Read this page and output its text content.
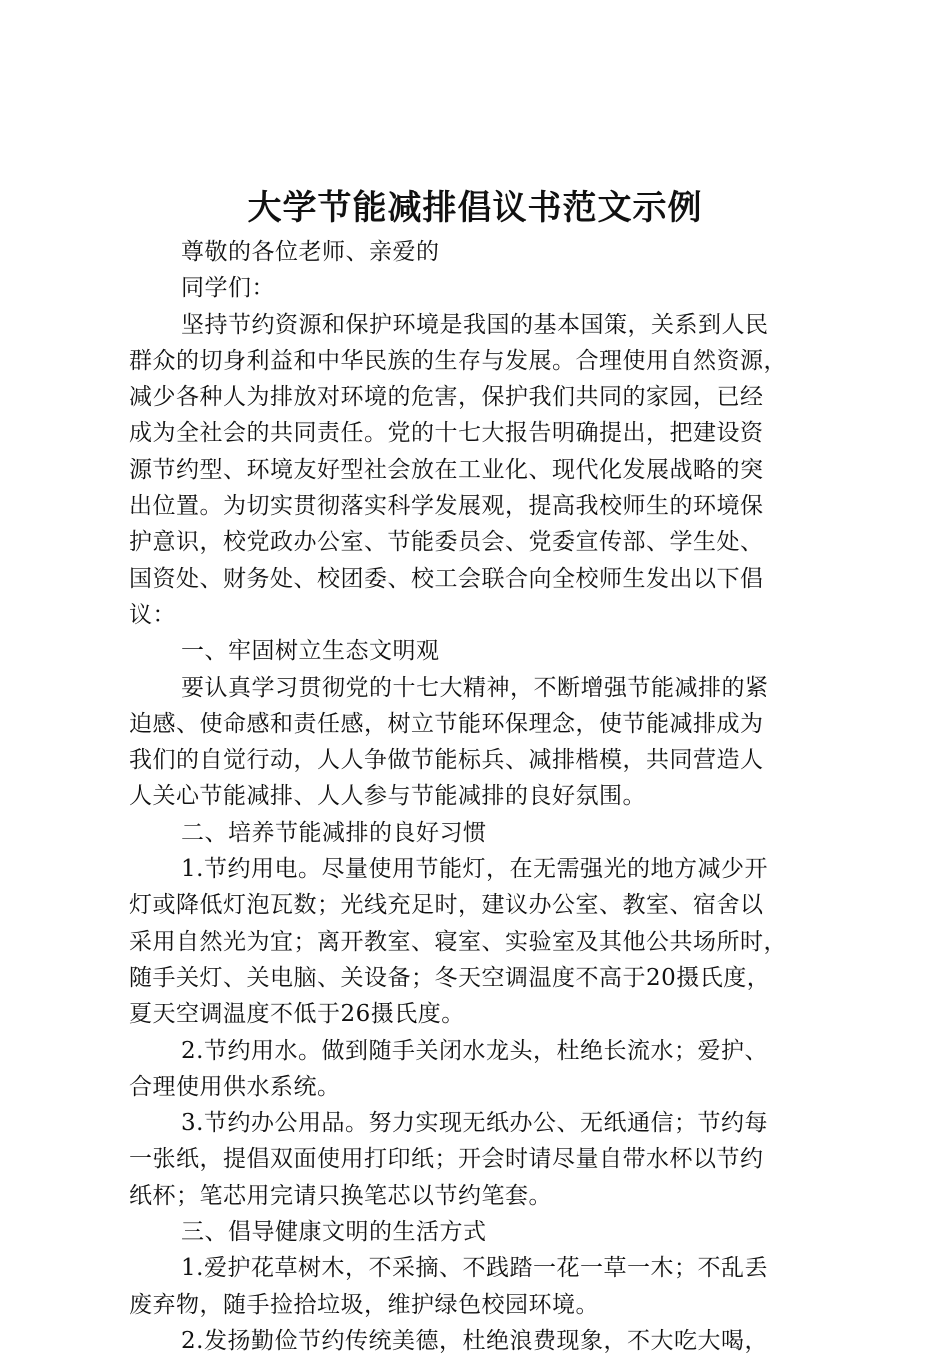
大学节能减排倡议书范文示例
尊敬的各位老师、亲爱的
同学们：
坚持节约资源和保护环境是我国的基本国策，关系到人民
群众的切身利益和中华民族的生存与发展。合理使用自然资源，
减少各种人为排放对环境的危害，保护我们共同的家园，已经
成为全社会的共同责任。党的十七大报告明确提出，把建设资
源节约型、环境友好型社会放在工业化、现代化发展战略的突
出位置。为切实贯彻落实科学发展观，提高我校师生的环境保
护意识，校党政办公室、节能委员会、党委宣传部、学生处、
国资处、财务处、校团委、校工会联合向全校师生发出以下倡
议：
一、牢固树立生态文明观
要认真学习贯彻党的十七大精神，不断增强节能减排的紧
迫感、使命感和责任感，树立节能环保理念，使节能减排成为
我们的自觉行动，人人争做节能标兵、减排楷模，共同营造人
人关心节能减排、人人参与节能减排的良好氛围。
二、培养节能减排的良好习惯
1.节约用电。尽量使用节能灯，在无需强光的地方减少开
灯或降低灯泡瓦数；光线充足时，建议办公室、教室、宿舍以
采用自然光为宜；离开教室、寝室、实验室及其他公共场所时，
随手关灯、关电脑、关设备；冬天空调温度不高于20摄氏度，
夏天空调温度不低于26摄氏度。
2.节约用水。做到随手关闭水龙头，杜绝长流水；爱护、
合理使用供水系统。
3.节约办公用品。努力实现无纸办公、无纸通信；节约每
一张纸，提倡双面使用打印纸；开会时请尽量自带水杯以节约
纸杯；笔芯用完请只换笔芯以节约笔套。
三、倡导健康文明的生活方式
1.爱护花草树木，不采摘、不践踏一花一草一木；不乱丢
废弃物，随手捡拾垃圾，维护绿色校园环境。
2.发扬勤俭节约传统美德，杜绝浪费现象，不大吃大喝，
